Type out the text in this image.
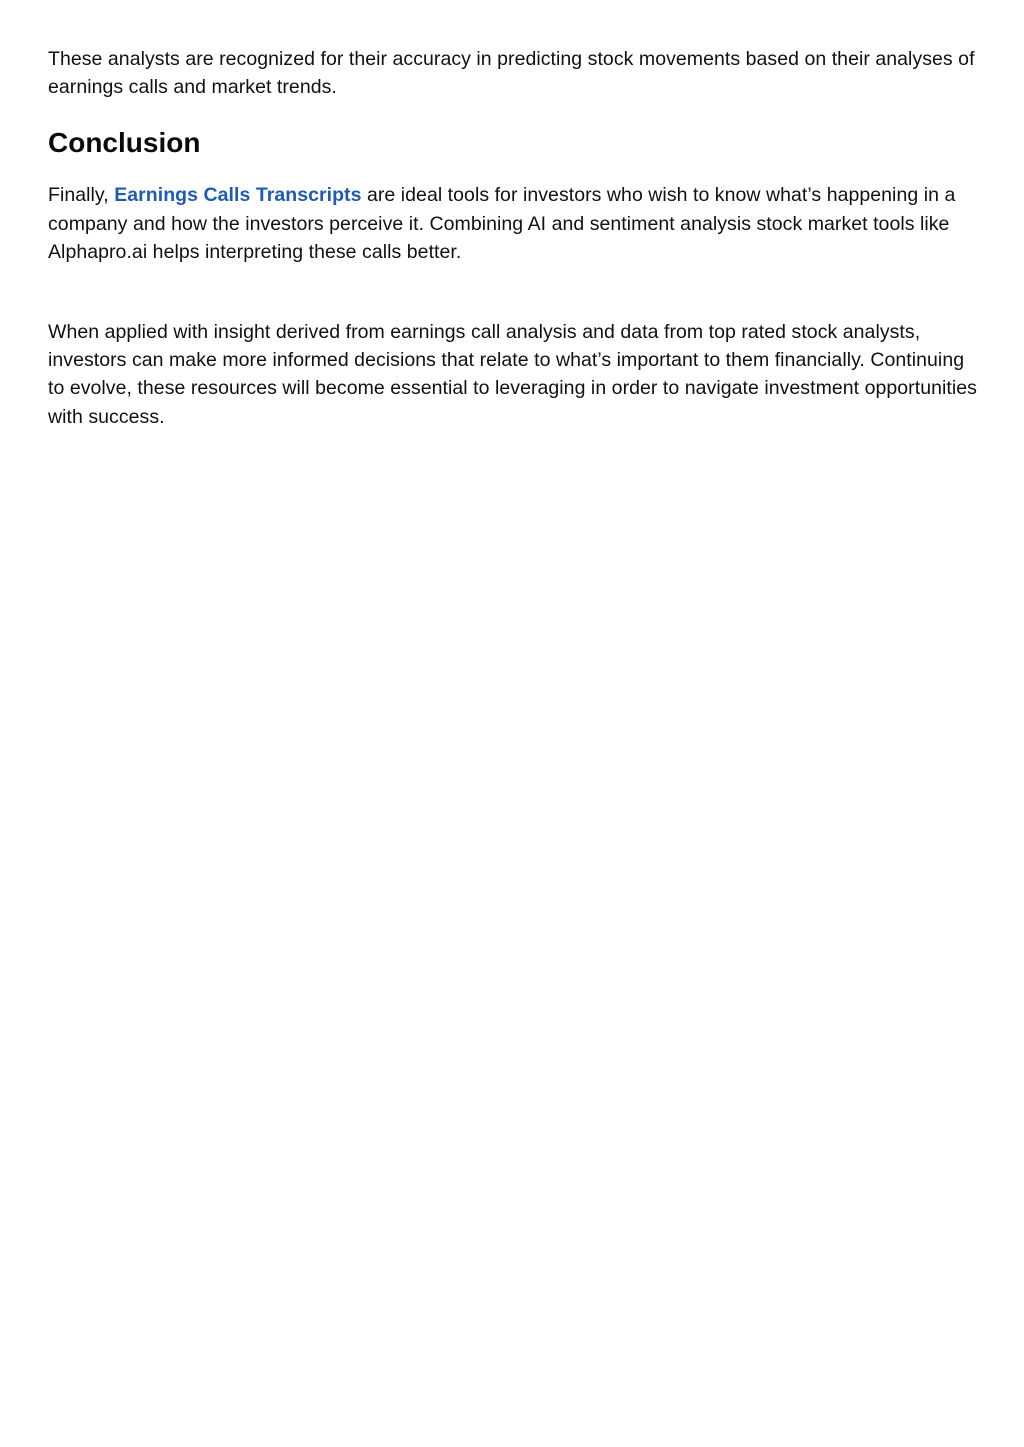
These analysts are recognized for their accuracy in predicting stock movements based on their analyses of earnings calls and market trends.

Conclusion

Finally, Earnings Calls Transcripts are ideal tools for investors who wish to know what’s happening in a company and how the investors perceive it. Combining AI and sentiment analysis stock market tools like Alphapro.ai helps interpreting these calls better.

When applied with insight derived from earnings call analysis and data from top rated stock analysts, investors can make more informed decisions that relate to what’s important to them financially. Continuing to evolve, these resources will become essential to leveraging in order to navigate investment opportunities with success.
